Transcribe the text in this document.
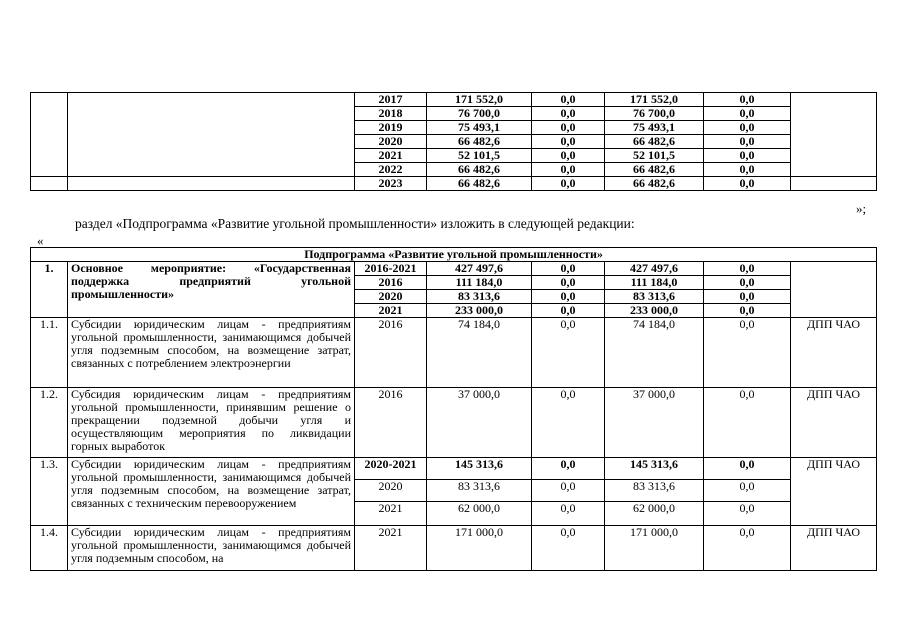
		2017	171 552,0	0,0	171 552,0	0,0	
		2018	76 700,0	0,0	76 700,0	0,0	
		2019	75 493,1	0,0	75 493,1	0,0	
		2020	66 482,6	0,0	66 482,6	0,0	
		2021	52 101,5	0,0	52 101,5	0,0	
		2022	66 482,6	0,0	66 482,6	0,0	
		2023	66 482,6	0,0	66 482,6	0,0	
»;
раздел «Подпрограмма «Развитие угольной промышленности» изложить в следующей редакции:
«
Подпрограмма «Развитие угольной промышленности»							
1.	Основное мероприятие: «Государственная
поддержка предприятий угольной
промышленности»	2016-2021	427 497,6	0,0	427 497,6	0,0	
		2016	111 184,0	0,0	111 184,0	0,0	
		2020	83 313,6	0,0	83 313,6	0,0	
		2021	233 000,0	0,0	233 000,0	0,0	
1.1.	Субсидии юридическим лицам - предприятиям угольной промышленности, занимающимся добычей угля подземным способом, на возмещение затрат, связанных с потреблением электроэнергии	2016	74 184,0	0,0	74 184,0	0,0	ДПП ЧАО
1.2.	Субсидия юридическим лицам - предприятиям угольной промышленности, принявшим решение о прекращении подземной добычи угля и осуществляющим мероприятия по ликвидации горных выработок	2016	37 000,0	0,0	37 000,0	0,0	ДПП ЧАО
1.3.	Субсидии юридическим лицам - предприятиям угольной промышленности, занимающимся добычей угля подземным способом, на возмещение затрат, связанных с техническим перевооружением	2020-2021	145 313,6	0,0	145 313,6	0,0	ДПП ЧАО
		2020	83 313,6	0,0	83 313,6	0,0	
		2021	62 000,0	0,0	62 000,0	0,0	
1.4.	Субсидии юридическим лицам - предприятиям угольной промышленности, занимающимся добычей угля подземным способом, на	2021	171 000,0	0,0	171 000,0	0,0	ДПП ЧАО
